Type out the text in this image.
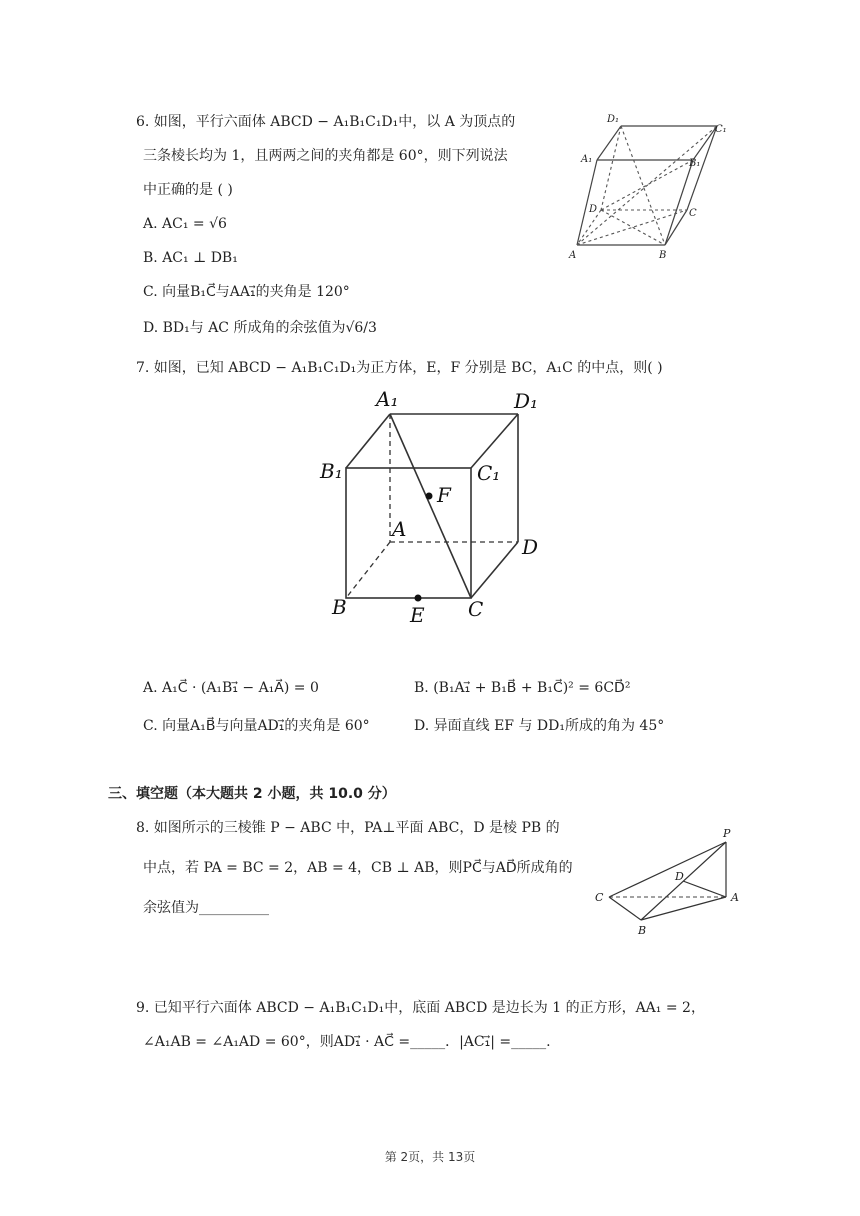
6. 如图，平行六面体 ABCD − A₁B₁C₁D₁中，以 A 为顶点的
三条棱长均为 1，且两两之间的夹角都是 60°，则下列说法
中正确的是 ( )
A. AC₁ = √6
B. AC₁ ⊥ DB₁
C. 向量B₁C⃗与AA₁⃗的夹角是 120°
D. BD₁与 AC 所成角的余弦值为√6/3
D₁
C₁
A₁	B₁
D	C
A	B
7. 如图，已知 ABCD − A₁B₁C₁D₁为正方体，E，F 分别是 BC，A₁C 的中点，则( )
A₁	D₁
B₁	C₁
F
A
D
B	E C
A. A₁C⃗ · (A₁B₁⃗ − A₁A⃗) = 0	B. (B₁A₁⃗ + B₁B⃗ + B₁C⃗)² = 6CD⃗²
C. 向量A₁B⃗与向量AD₁⃗的夹角是 60°	D. 异面直线 EF 与 DD₁所成的角为 45°
三、填空题（本大题共 2 小题，共 10.0 分）
8. 如图所示的三棱锥 P − ABC 中，PA⊥平面 ABC，D 是棱 PB 的
中点，若 PA = BC = 2，AB = 4，CB ⊥ AB，则PC⃗与AD⃗所成角的
余弦值为__________
P
D
C	A
B
9. 已知平行六面体 ABCD − A₁B₁C₁D₁中，底面 ABCD 是边长为 1 的正方形，AA₁ = 2，
∠A₁AB = ∠A₁AD = 60°，则AD₁⃗ · AC⃗ =_____．|AC₁⃗| =_____.
第 2页，共 13页
